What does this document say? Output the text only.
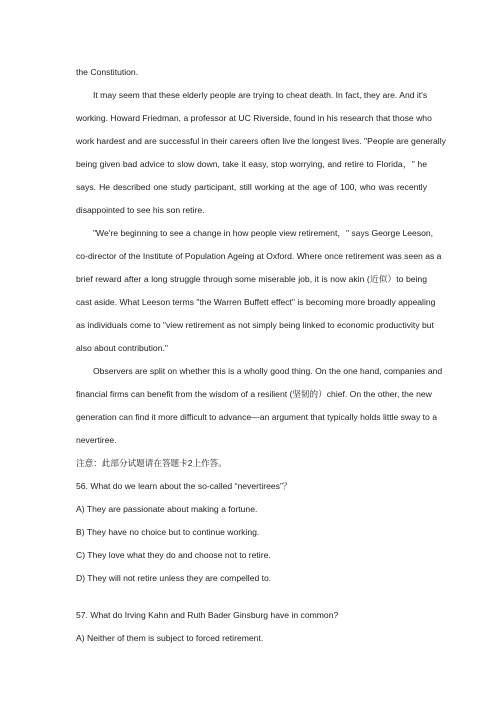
the Constitution.
It may seem that these elderly people are trying to cheat death. In fact, they are. And it's
working. Howard Friedman, a professor at UC Riverside, found in his research that those who
work hardest and are successful in their careers often live the longest lives. "People are generally
being given bad advice to slow down, take it easy, stop worrying, and retire to Florida，" he
says. He described one study participant, still working at the age of 100, who was recently
disappointed to see his son retire.
"We're beginning to see a change in how people view retirement，" says George Leeson,
co-director of the Institute of Population Ageing at Oxford. Where once retirement was seen as a
brief reward after a long struggle through some miserable job, it is now akin (近似）to being
cast aside. What Leeson terms "the Warren Buffett effect" is becoming more broadly appealing
as individuals come to "view retirement as not simply being linked to economic productivity but
also about contribution."
Observers are split on whether this is a wholly good thing. On the one hand, companies and
financial firms can benefit from the wisdom of a resilient (坚韧的）chief. On the other, the new
generation can find it more difficult to advance—an argument that typically holds little sway to a
nevertiree.
注意：此部分试题请在答题卡2上作答。
56. What do we learn about the so-called “nevertirees”？
A) They are passionate about making a fortune.
B) They have no choice but to continue working.
C) They love what they do and choose not to retire.
D) They will not retire unless they are compelled to.
57. What do Irving Kahn and Ruth Bader Ginsburg have in common?
A) Neither of them is subject to forced retirement.
